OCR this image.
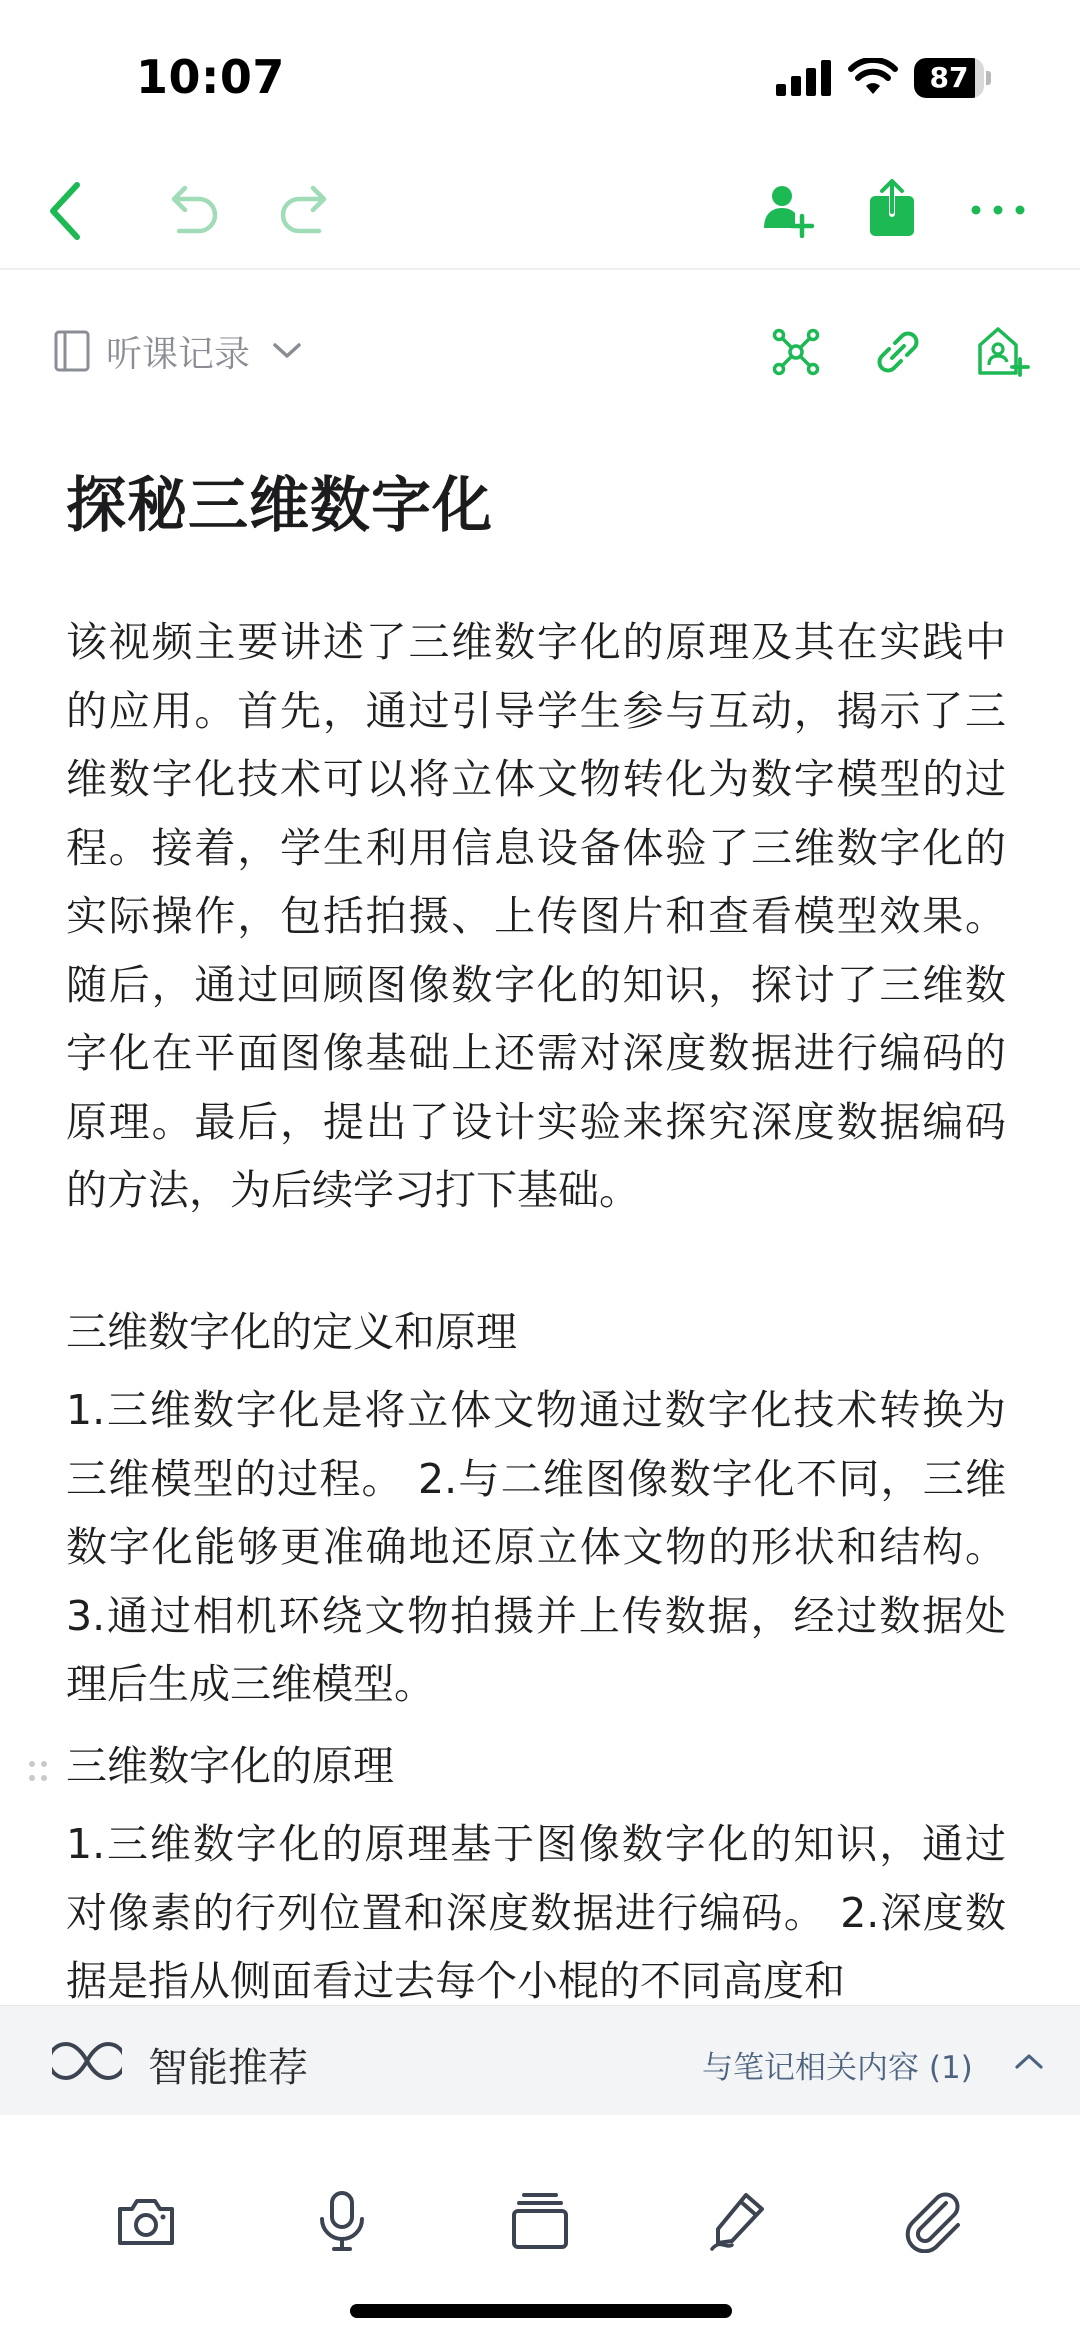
10:07	87
听课记录
探秘三维数字化
该视频主要讲述了三维数字化的原理及其在实践中的应用。首先，通过引导学生参与互动，揭示了三维数字化技术可以将立体文物转化为数字模型的过程。接着，学生利用信息设备体验了三维数字化的实际操作，包括拍摄、上传图片和查看模型效果。随后，通过回顾图像数字化的知识，探讨了三维数字化在平面图像基础上还需对深度数据进行编码的原理。最后，提出了设计实验来探究深度数据编码的方法，为后续学习打下基础。
三维数字化的定义和原理
1.三维数字化是将立体文物通过数字化技术转换为三维模型的过程。 2.与二维图像数字化不同，三维数字化能够更准确地还原立体文物的形状和结构。 3.通过相机环绕文物拍摄并上传数据，经过数据处理后生成三维模型。
三维数字化的原理
1.三维数字化的原理基于图像数字化的知识，通过对像素的行列位置和深度数据进行编码。 2.深度数据是指从侧面看过去每个小棍的不同高度和
智能推荐	与笔记相关内容 (1)
